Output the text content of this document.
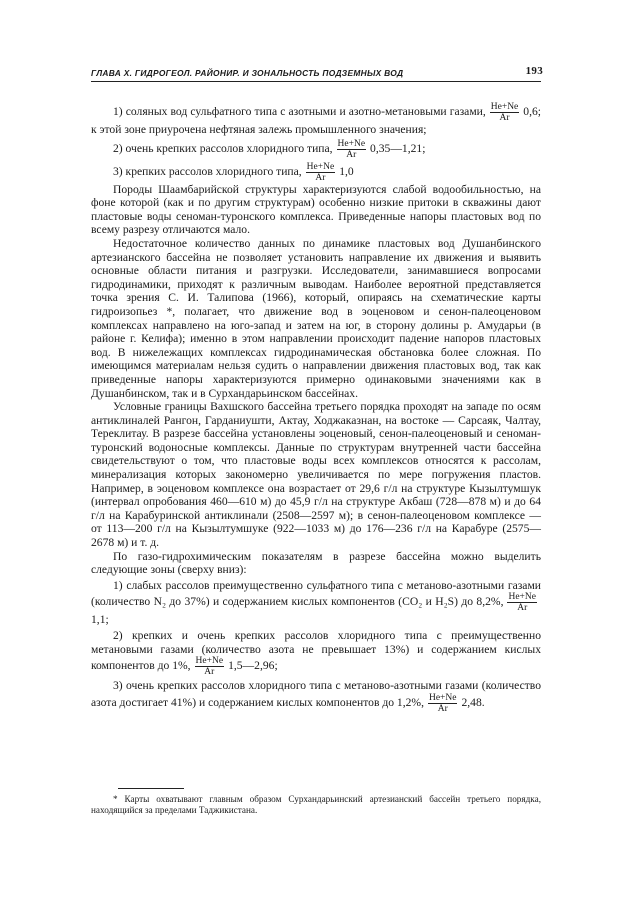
ГЛАВА X. ГИДРОГЕОЛ. РАЙОНИР. И ЗОНАЛЬНОСТЬ ПОДЗЕМНЫХ ВОД	193

1) соляных вод сульфатного типа с азотными и азотно-метановыми газами, $\frac{He+Ne}{Ar} 0,6$; к этой зоне приурочена нефтяная залежь промышленного значения;

2) очень крепких рассолов хлоридного типа, $\frac{He+Ne}{Ar}$ 0,35—1,21;

3) крепких рассолов хлоридного типа, $\frac{He+Ne}{Ar} 1,0$

Породы Шаамбарийской структуры характеризуются слабой водообильностью, на фоне которой (как и по другим структурам) особенно низкие притоки в скважины дают пластовые воды сеноман-туронского комплекса. Приведенные напоры пластовых вод по всему разрезу отличаются мало.

Недостаточное количество данных по динамике пластовых вод Душанбинского артезианского бассейна не позволяет установить направление их движения и выявить основные области питания и разгрузки. Исследователи, занимавшиеся вопросами гидродинамики, приходят к различным выводам. Наиболее вероятной представляется точка зрения С. И. Талипова (1966), который, опираясь на схематические карты гидроизопьез *, полагает, что движение вод в эоценовом и сенон-палеоценовом комплексах направлено на юго-запад и затем на юг, в сторону долины р. Амударьи (в районе г. Келифа); именно в этом направлении происходит падение напоров пластовых вод. В нижележащих комплексах гидродинамическая обстановка более сложная. По имеющимся материалам нельзя судить о направлении движения пластовых вод, так как приведенные напоры характеризуются примерно одинаковыми значениями как в Душанбинском, так и в Сурхандарьинском бассейнах.

Условные границы Вахшского бассейна третьего порядка проходят на западе по осям антиклиналей Рангон, Гарданиушти, Актау, Ходжаказнан, на востоке — Сарсаяк, Чалтау, Тереклитау. В разрезе бассейна установлены эоценовый, сенон-палеоценовый и сеноман-туронский водоносные комплексы. Данные по структурам внутренней части бассейна свидетельствуют о том, что пластовые воды всех комплексов относятся к рассолам, минерализация которых закономерно увеличивается по мере погружения пластов. Например, в эоценовом комплексе она возрастает от 29,6 г/л на структуре Кызылтумшук (интервал опробования 460—610 м) до 45,9 г/л на структуре Акбаш (728—878 м) и до 64 г/л на Карабуринской антиклинали (2508—2597 м); в сенон-палеоценовом комплексе — от 113—200 г/л на Кызылтумшуке (922—1033 м) до 176—236 г/л на Карабуре (2575—2678 м) и т. д.

По газо-гидрохимическим показателям в разрезе бассейна можно выделить следующие зоны (сверху вниз):

1) слабых рассолов преимущественно сульфатного типа с метаново-азотными газами (количество N₂ до 37%) и содержанием кислых компонентов (CO₂ и H₂S) до 8,2%, $\frac{He+Ne}{Ar}$
1,1;

2) крепких и очень крепких рассолов хлоридного типа с преимущественно метановыми газами (количество азота не превышает 13%) и содержанием кислых компонентов до 1%, $\frac{He+Ne}{Ar}$ 1,5—2,96;

3) очень крепких рассолов хлоридного типа с метаново-азотными газами (количество азота достигает 41%) и содержанием кислых компонентов до 1,2%, $\frac{He+Ne}{Ar} 2,48$.

* Карты охватывают главным образом Сурхандарьинский артезианский бассейн третьего порядка, находящийся за пределами Таджикистана.
